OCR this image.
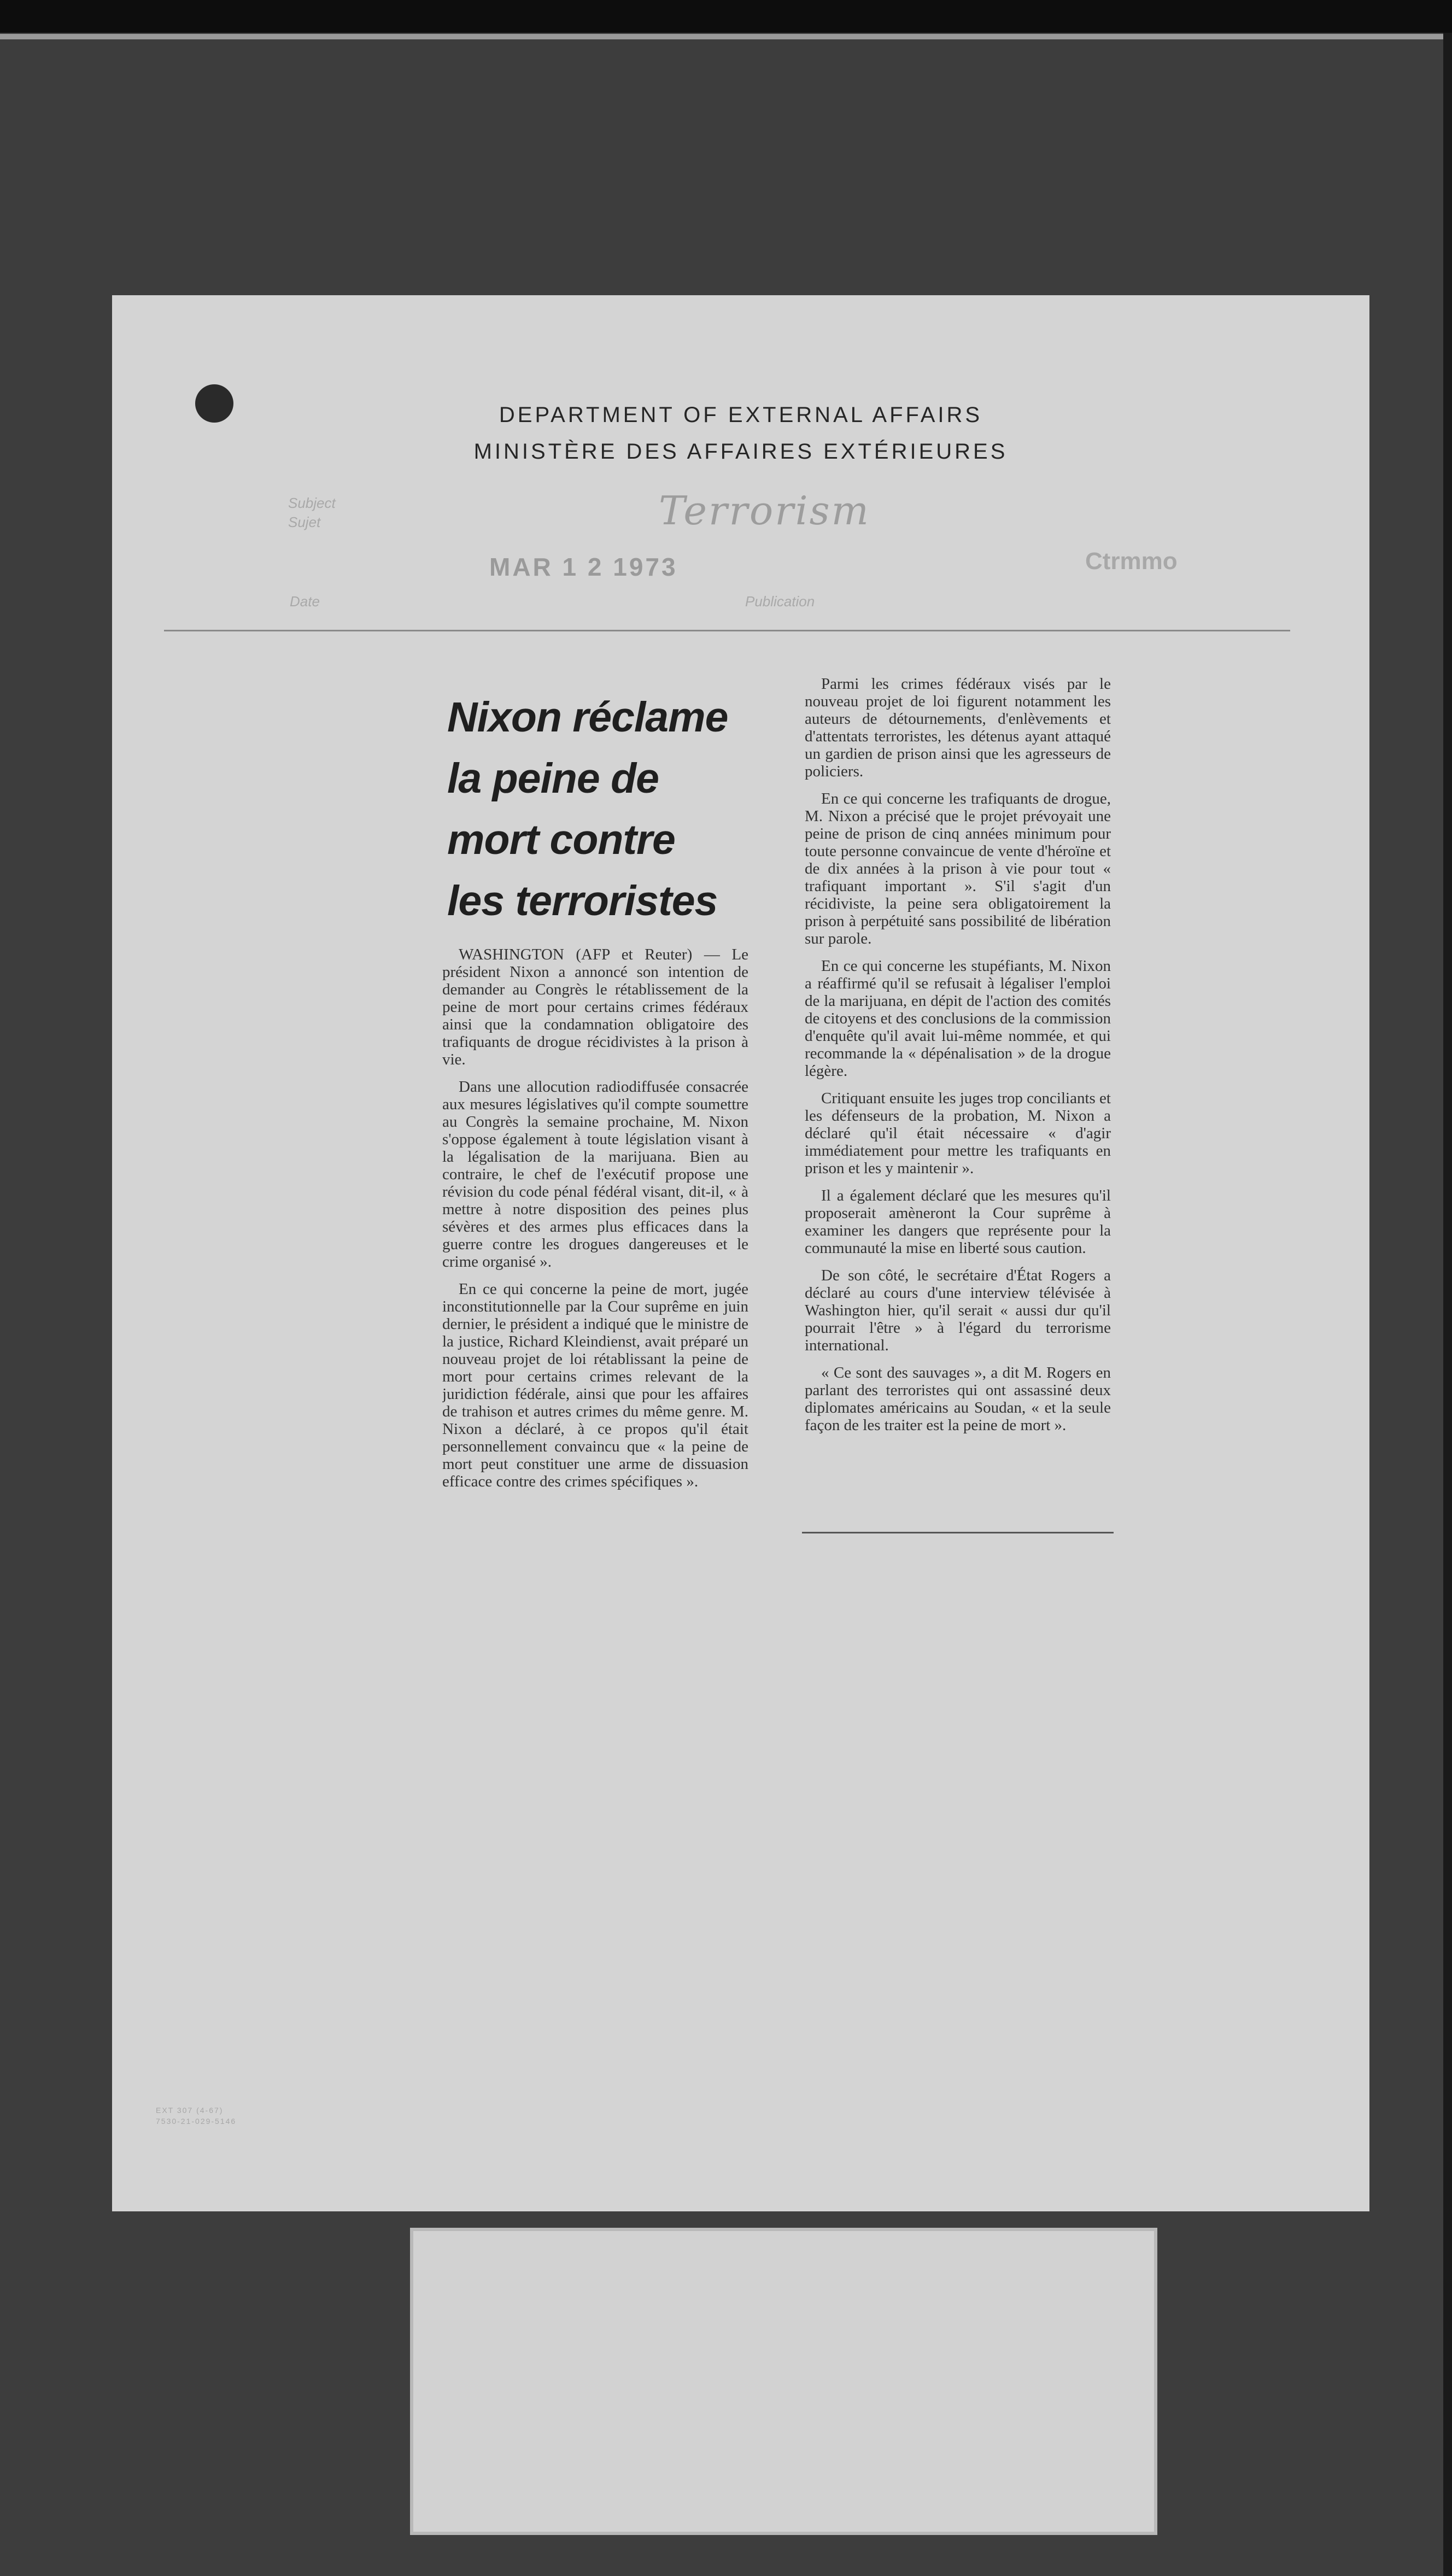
DEPARTMENT OF EXTERNAL AFFAIRS
MINISTÈRE DES AFFAIRES EXTÉRIEURES
Subject
Sujet	Terrorism
MAR 1 2 1973
Date	Publication
Ctrmmo
Nixon réclame
la peine de
mort contre
les terroristes

WASHINGTON (AFP et Reuter) — Le président Nixon a annoncé son intention de demander au Congrès le rétablissement de la peine de mort pour certains crimes fédéraux ainsi que la condamnation obligatoire des trafiquants de drogue récidivistes à la prison à vie.

Dans une allocution radiodiffusée consacrée aux mesures législatives qu'il compte soumettre au Congrès la semaine prochaine, M. Nixon s'oppose également à toute législation visant à la légalisation de la marijuana. Bien au contraire, le chef de l'exécutif propose une révision du code pénal fédéral visant, dit-il, « à mettre à notre disposition des peines plus sévères et des armes plus efficaces dans la guerre contre les drogues dangereuses et le crime organisé ».

En ce qui concerne la peine de mort, jugée inconstitutionnelle par la Cour suprême en juin dernier, le président a indiqué que le ministre de la justice, Richard Kleindienst, avait préparé un nouveau projet de loi rétablissant la peine de mort pour certains crimes relevant de la juridiction fédérale, ainsi que pour les affaires de trahison et autres crimes du même genre. M. Nixon a déclaré, à ce propos qu'il était personnellement convaincu que « la peine de mort peut constituer une arme de dissuasion efficace contre des crimes spécifiques ».

Parmi les crimes fédéraux visés par le nouveau projet de loi figurent notamment les auteurs de détournements, d'enlèvements et d'attentats terroristes, les détenus ayant attaqué un gardien de prison ainsi que les agresseurs de policiers.

En ce qui concerne les trafiquants de drogue, M. Nixon a précisé que le projet prévoyait une peine de prison de cinq années minimum pour toute personne convaincue de vente d'héroïne et de dix années à la prison à vie pour tout « trafiquant important ». S'il s'agit d'un récidiviste, la peine sera obligatoirement la prison à perpétuité sans possibilité de libération sur parole.

En ce qui concerne les stupéfiants, M. Nixon a réaffirmé qu'il se refusait à légaliser l'emploi de la marijuana, en dépit de l'action des comités de citoyens et des conclusions de la commission d'enquête qu'il avait lui-même nommée, et qui recommande la « dépénalisation » de la drogue légère.

Critiquant ensuite les juges trop conciliants et les défenseurs de la probation, M. Nixon a déclaré qu'il était nécessaire « d'agir immédiatement pour mettre les trafiquants en prison et les y maintenir ».

Il a également déclaré que les mesures qu'il proposerait amèneront la Cour suprême à examiner les dangers que représente pour la communauté la mise en liberté sous caution.

De son côté, le secrétaire d'État Rogers a déclaré au cours d'une interview télévisée à Washington hier, qu'il serait « aussi dur qu'il pourrait l'être » à l'égard du terrorisme international.

« Ce sont des sauvages », a dit M. Rogers en parlant des terroristes qui ont assassiné deux diplomates américains au Soudan, « et la seule façon de les traiter est la peine de mort ».

EXT 307 (4-67)
7530-21-029-5146
